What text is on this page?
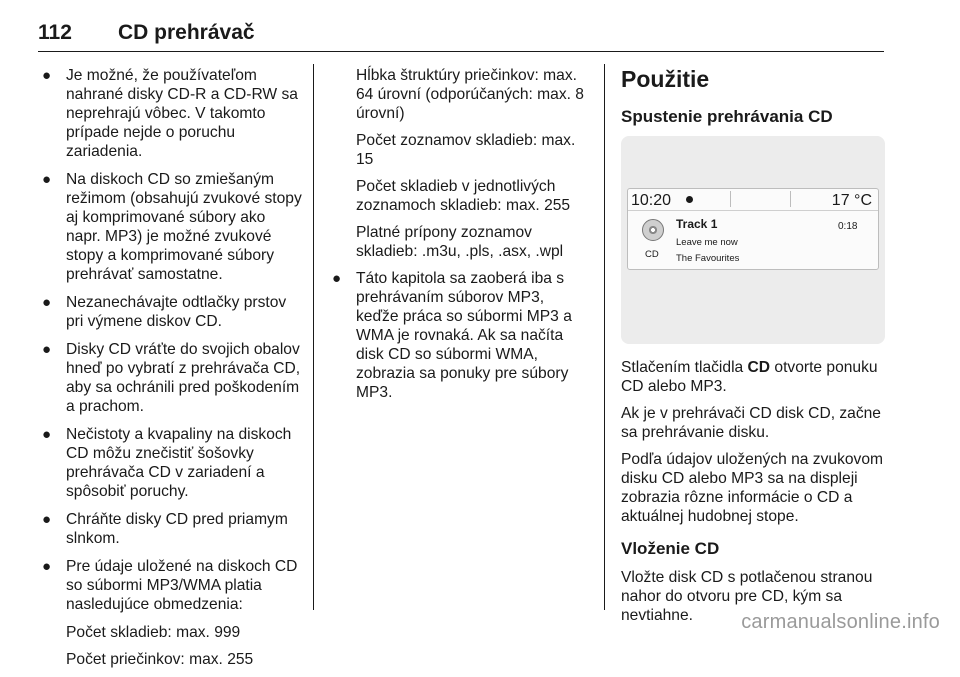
112 CD prehrávač
● Je možné, že používateľom nahrané disky CD-R a CD-RW sa neprehrajú vôbec. V takomto prípade nejde o poruchu zariadenia.
● Na diskoch CD so zmiešaným režimom (obsahujú zvukové stopy aj komprimované súbory ako napr. MP3) je možné zvukové stopy a komprimované súbory prehrávať samostatne.
● Nezanechávajte odtlačky prstov pri výmene diskov CD.
● Disky CD vráťte do svojich obalov hneď po vybratí z prehrávača CD, aby sa ochránili pred poškodením a prachom.
● Nečistoty a kvapaliny na diskoch CD môžu znečistiť šošovky prehrávača CD v zariadení a spôsobiť poruchy.
● Chráňte disky CD pred priamym slnkom.
● Pre údaje uložené na diskoch CD so súbormi MP3/WMA platia nasledujúce obmedzenia:
Počet skladieb: max. 999
Počet priečinkov: max. 255
Hĺbka štruktúry priečinkov: max. 64 úrovní (odporúčaných: max. 8 úrovní)
Počet zoznamov skladieb: max. 15
Počet skladieb v jednotlivých zoznamoch skladieb: max. 255
Platné prípony zoznamov skladieb: .m3u, .pls, .asx, .wpl
● Táto kapitola sa zaoberá iba s prehrávaním súborov MP3, keďže práca so súbormi MP3 a WMA je rovnaká. Ak sa načíta disk CD so súbormi WMA, zobrazia sa ponuky pre súbory MP3.
Použitie
Spustenie prehrávania CD
10:20	17 °C
CD
Track 1
Leave me now
The Favourites
0:18
Stlačením tlačidla CD otvorte ponuku CD alebo MP3.
Ak je v prehrávači CD disk CD, začne sa prehrávanie disku.
Podľa údajov uložených na zvukovom disku CD alebo MP3 sa na displeji zobrazia rôzne informácie o CD a aktuálnej hudobnej stope.
Vloženie CD
Vložte disk CD s potlačenou stranou nahor do otvoru pre CD, kým sa nevtiahne.	carmanualsonline.info
